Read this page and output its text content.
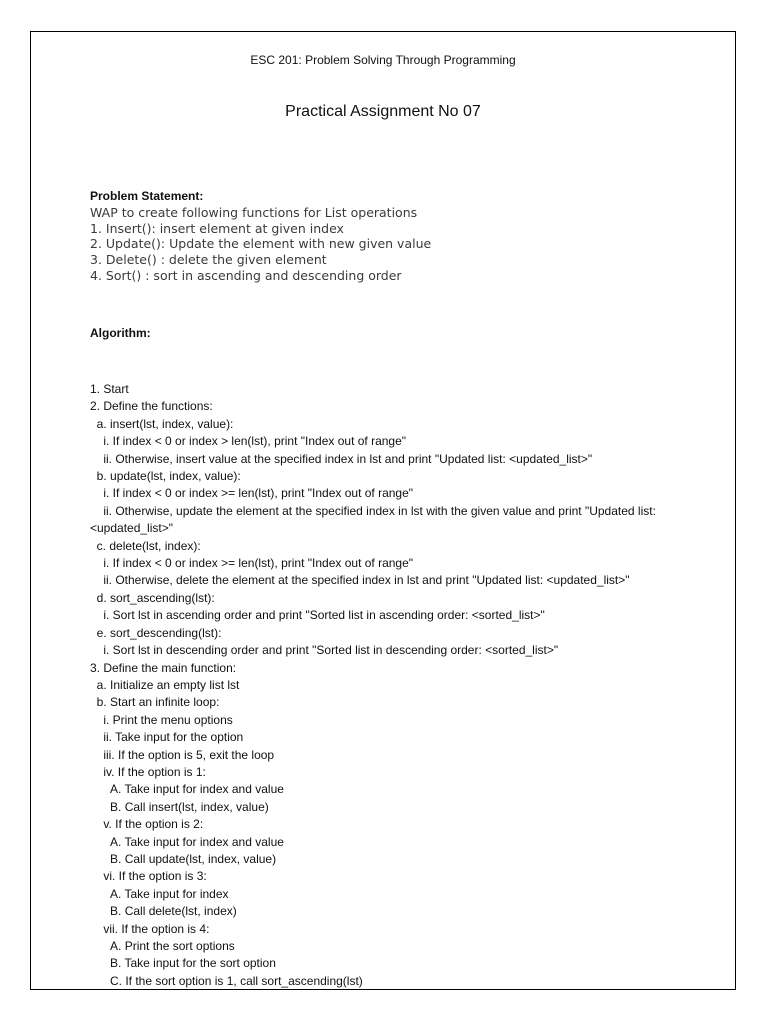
ESC 201: Problem Solving Through Programming
Practical Assignment No 07
Problem Statement:
WAP to create following functions for List operations
1. Insert(): insert element at given index
2. Update(): Update the element with new given value
3. Delete() : delete the given element
4. Sort() : sort in ascending and descending order
Algorithm:
1. Start
2. Define the functions:
a. insert(lst, index, value):
i. If index < 0 or index > len(lst), print "Index out of range"
ii. Otherwise, insert value at the specified index in lst and print "Updated list: <updated_list>"
b. update(lst, index, value):
i. If index < 0 or index >= len(lst), print "Index out of range"
ii. Otherwise, update the element at the specified index in lst with the given value and print "Updated list: <updated_list>"
c. delete(lst, index):
i. If index < 0 or index >= len(lst), print "Index out of range"
ii. Otherwise, delete the element at the specified index in lst and print "Updated list: <updated_list>"
d. sort_ascending(lst):
i. Sort lst in ascending order and print "Sorted list in ascending order: <sorted_list>"
e. sort_descending(lst):
i. Sort lst in descending order and print "Sorted list in descending order: <sorted_list>"
3. Define the main function:
a. Initialize an empty list lst
b. Start an infinite loop:
i. Print the menu options
ii. Take input for the option
iii. If the option is 5, exit the loop
iv. If the option is 1:
A. Take input for index and value
B. Call insert(lst, index, value)
v. If the option is 2:
A. Take input for index and value
B. Call update(lst, index, value)
vi. If the option is 3:
A. Take input for index
B. Call delete(lst, index)
vii. If the option is 4:
A. Print the sort options
B. Take input for the sort option
C. If the sort option is 1, call sort_ascending(lst)
